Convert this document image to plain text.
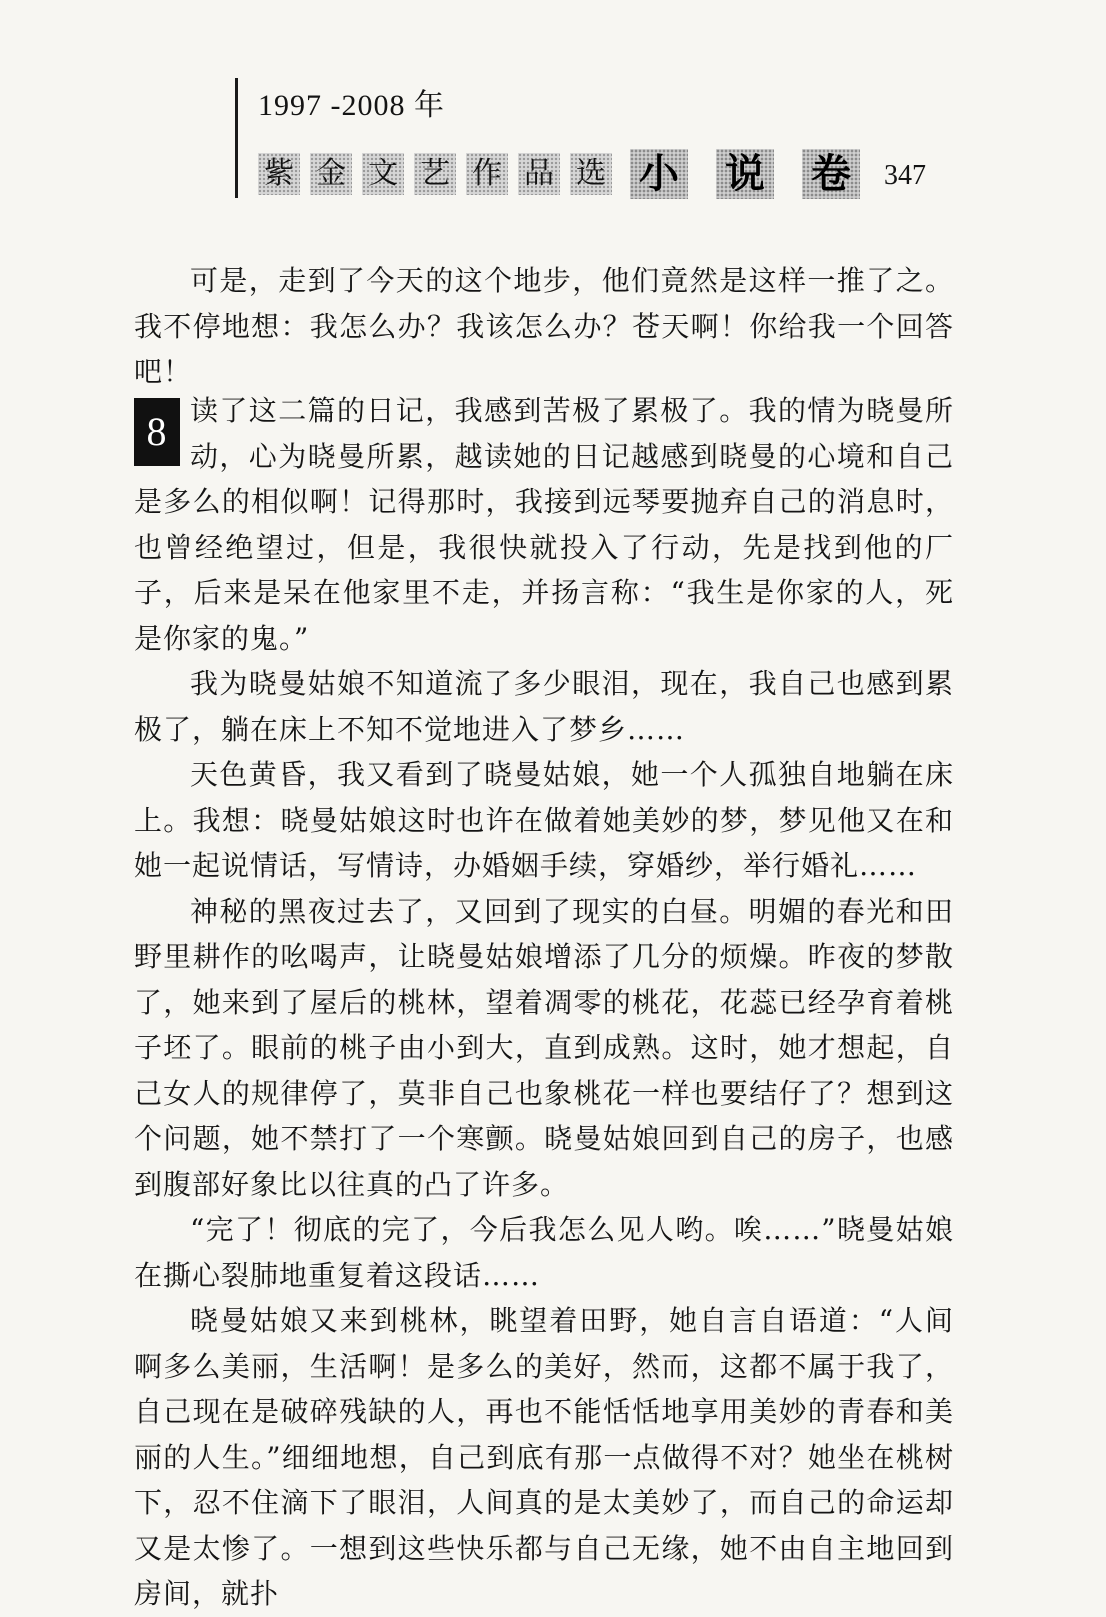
1997 -2008 年
紫 金 文 艺 作 品 选 小 说 卷	347

可是，走到了今天的这个地步，他们竟然是这样一推了之。我不停地想：我怎么办？我该怎么办？苍天啊！你给我一个回答吧！

8 读了这二篇的日记，我感到苦极了累极了。我的情为晓曼所动，心为晓曼所累，越读她的日记越感到晓曼的心境和自己是多么的相似啊！记得那时，我接到远琴要抛弃自己的消息时，也曾经绝望过，但是，我很快就投入了行动，先是找到他的厂子，后来是呆在他家里不走，并扬言称：“我生是你家的人，死是你家的鬼。”

我为晓曼姑娘不知道流了多少眼泪，现在，我自己也感到累极了，躺在床上不知不觉地进入了梦乡……

天色黄昏，我又看到了晓曼姑娘，她一个人孤独自地躺在床上。我想：晓曼姑娘这时也许在做着她美妙的梦，梦见他又在和她一起说情话，写情诗，办婚姻手续，穿婚纱，举行婚礼……

神秘的黑夜过去了，又回到了现实的白昼。明媚的春光和田野里耕作的吆喝声，让晓曼姑娘增添了几分的烦燥。昨夜的梦散了，她来到了屋后的桃林，望着凋零的桃花，花蕊已经孕育着桃子坯了。眼前的桃子由小到大，直到成熟。这时，她才想起，自己女人的规律停了，莫非自己也象桃花一样也要结仔了？想到这个问题，她不禁打了一个寒颤。晓曼姑娘回到自己的房子，也感到腹部好象比以往真的凸了许多。

“完了！彻底的完了，今后我怎么见人哟。唉……”晓曼姑娘在撕心裂肺地重复着这段话……

晓曼姑娘又来到桃林，眺望着田野，她自言自语道：“人间啊多么美丽，生活啊！是多么的美好，然而，这都不属于我了，自己现在是破碎残缺的人，再也不能恬恬地享用美妙的青春和美丽的人生。”细细地想，自己到底有那一点做得不对？她坐在桃树下，忍不住滴下了眼泪，人间真的是太美妙了，而自己的命运却又是太惨了。一想到这些快乐都与自己无缘，她不由自主地回到房间，就扑
